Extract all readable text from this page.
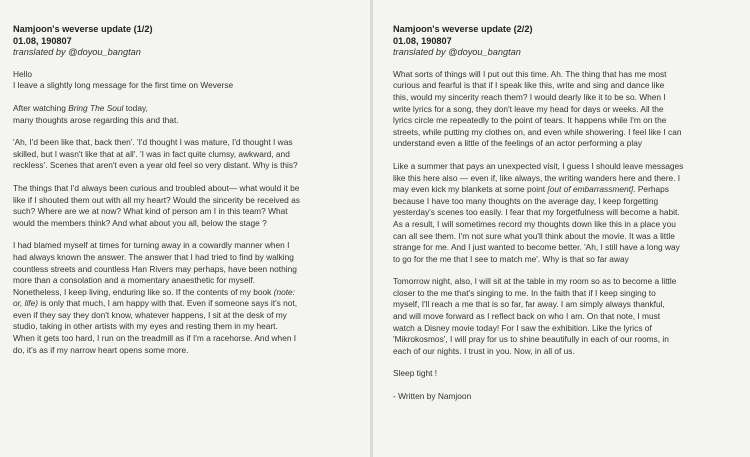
Namjoon's weverse update (1/2)
01.08, 190807
translated by @doyou_bangtan

Hello
I leave a slightly long message for the first time on Weverse

After watching Bring The Soul today,
many thoughts arose regarding this and that.

'Ah, I'd been like that, back then'. 'I'd thought I was mature, I'd thought I was
skilled, but I wasn't like that at all'. 'I was in fact quite clumsy, awkward, and
reckless'. Scenes that aren't even a year old feel so very distant. Why is this?

The things that I'd always been curious and troubled about— what would it be
like if I shouted them out with all my heart? Would the sincerity be received as
such? Where are we at now? What kind of person am I in this team? What
would the members think? And what about you all, below the stage ?

I had blamed myself at times for turning away in a cowardly manner when I
had always known the answer. The answer that I had tried to find by walking
countless streets and countless Han Rivers may perhaps, have been nothing
more than a consolation and a momentary anaesthetic for myself.
Nonetheless, I keep living, enduring like so. If the contents of my book (note:
or, life) is only that much, I am happy with that. Even if someone says it's not,
even if they say they don't know, whatever happens, I sit at the desk of my
studio, taking in other artists with my eyes and resting them in my heart.
When it gets too hard, I run on the treadmill as if I'm a racehorse. And when I
do, it's as if my narrow heart opens some more.

Namjoon's weverse update (2/2)
01.08, 190807
translated by @doyou_bangtan

What sorts of things will I put out this time. Ah. The thing that has me most
curious and fearful is that if I speak like this, write and sing and dance like
this, would my sincerity reach them? I would dearly like it to be so. When I
write lyrics for a song, they don't leave my head for days or weeks. All the
lyrics circle me repeatedly to the point of tears. It happens while I'm on the
streets, while putting my clothes on, and even while showering. I feel like I can
understand even a little of the feelings of an actor performing a play

Like a summer that pays an unexpected visit, I guess I should leave messages
like this here also — even if, like always, the writing wanders here and there. I
may even kick my blankets at some point [out of embarrassment]. Perhaps
because I have too many thoughts on the average day, I keep forgetting
yesterday's scenes too easily. I fear that my forgetfulness will become a habit.
As a result, I will sometimes record my thoughts down like this in a place you
can all see them. I'm not sure what you'll think about the movie. It was a little
strange for me. And I just wanted to become better. 'Ah, I still have a long way
to go for the me that I see to match me'. Why is that so far away

Tomorrow night, also, I will sit at the table in my room so as to become a little
closer to the me that's singing to me. In the faith that if I keep singing to
myself, I'll reach a me that is so far, far away. I am simply always thankful,
and will move forward as I reflect back on who I am. On that note, I must
watch a Disney movie today! For I saw the exhibition. Like the lyrics of
'Mikrokosmos', I will pray for us to shine beautifully in each of our rooms, in
each of our nights. I trust in you. Now, in all of us.

Sleep tight !

- Written by Namjoon
